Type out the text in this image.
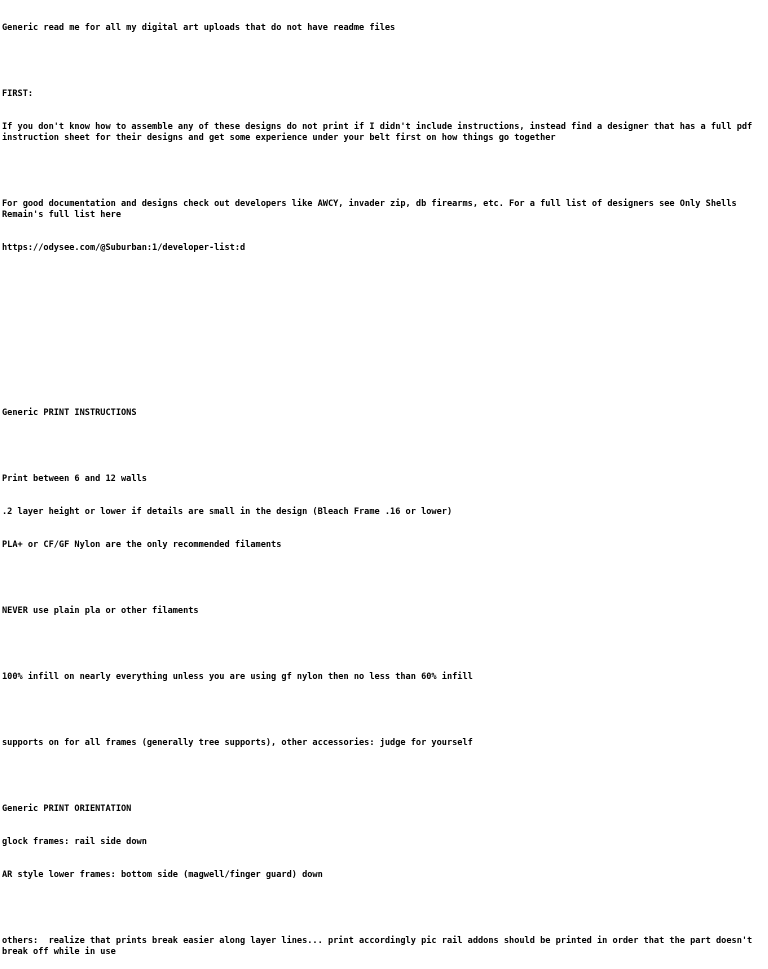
Generic read me for all my digital art uploads that do not have readme files

FIRST:

If you don't know how to assemble any of these designs do not print if I didn't include instructions, instead find a designer that has a full pdf instruction sheet for their designs and get some experience under your belt first on how things go together

For good documentation and designs check out developers like AWCY, invader zip, db firearms, etc. For a full list of designers see Only Shells Remain's full list here

https://odysee.com/@Suburban:1/developer-list:d

Generic PRINT INSTRUCTIONS

Print between 6 and 12 walls

.2 layer height or lower if details are small in the design (Bleach Frame .16 or lower)

PLA+ or CF/GF Nylon are the only recommended filaments

NEVER use plain pla or other filaments

100% infill on nearly everything unless you are using gf nylon then no less than 60% infill

supports on for all frames (generally tree supports), other accessories: judge for yourself

Generic PRINT ORIENTATION

glock frames: rail side down

AR style lower frames: bottom side (magwell/finger guard) down

others:  realize that prints break easier along layer lines... print accordingly pic rail addons should be printed in order that the part doesn't break off while in use
